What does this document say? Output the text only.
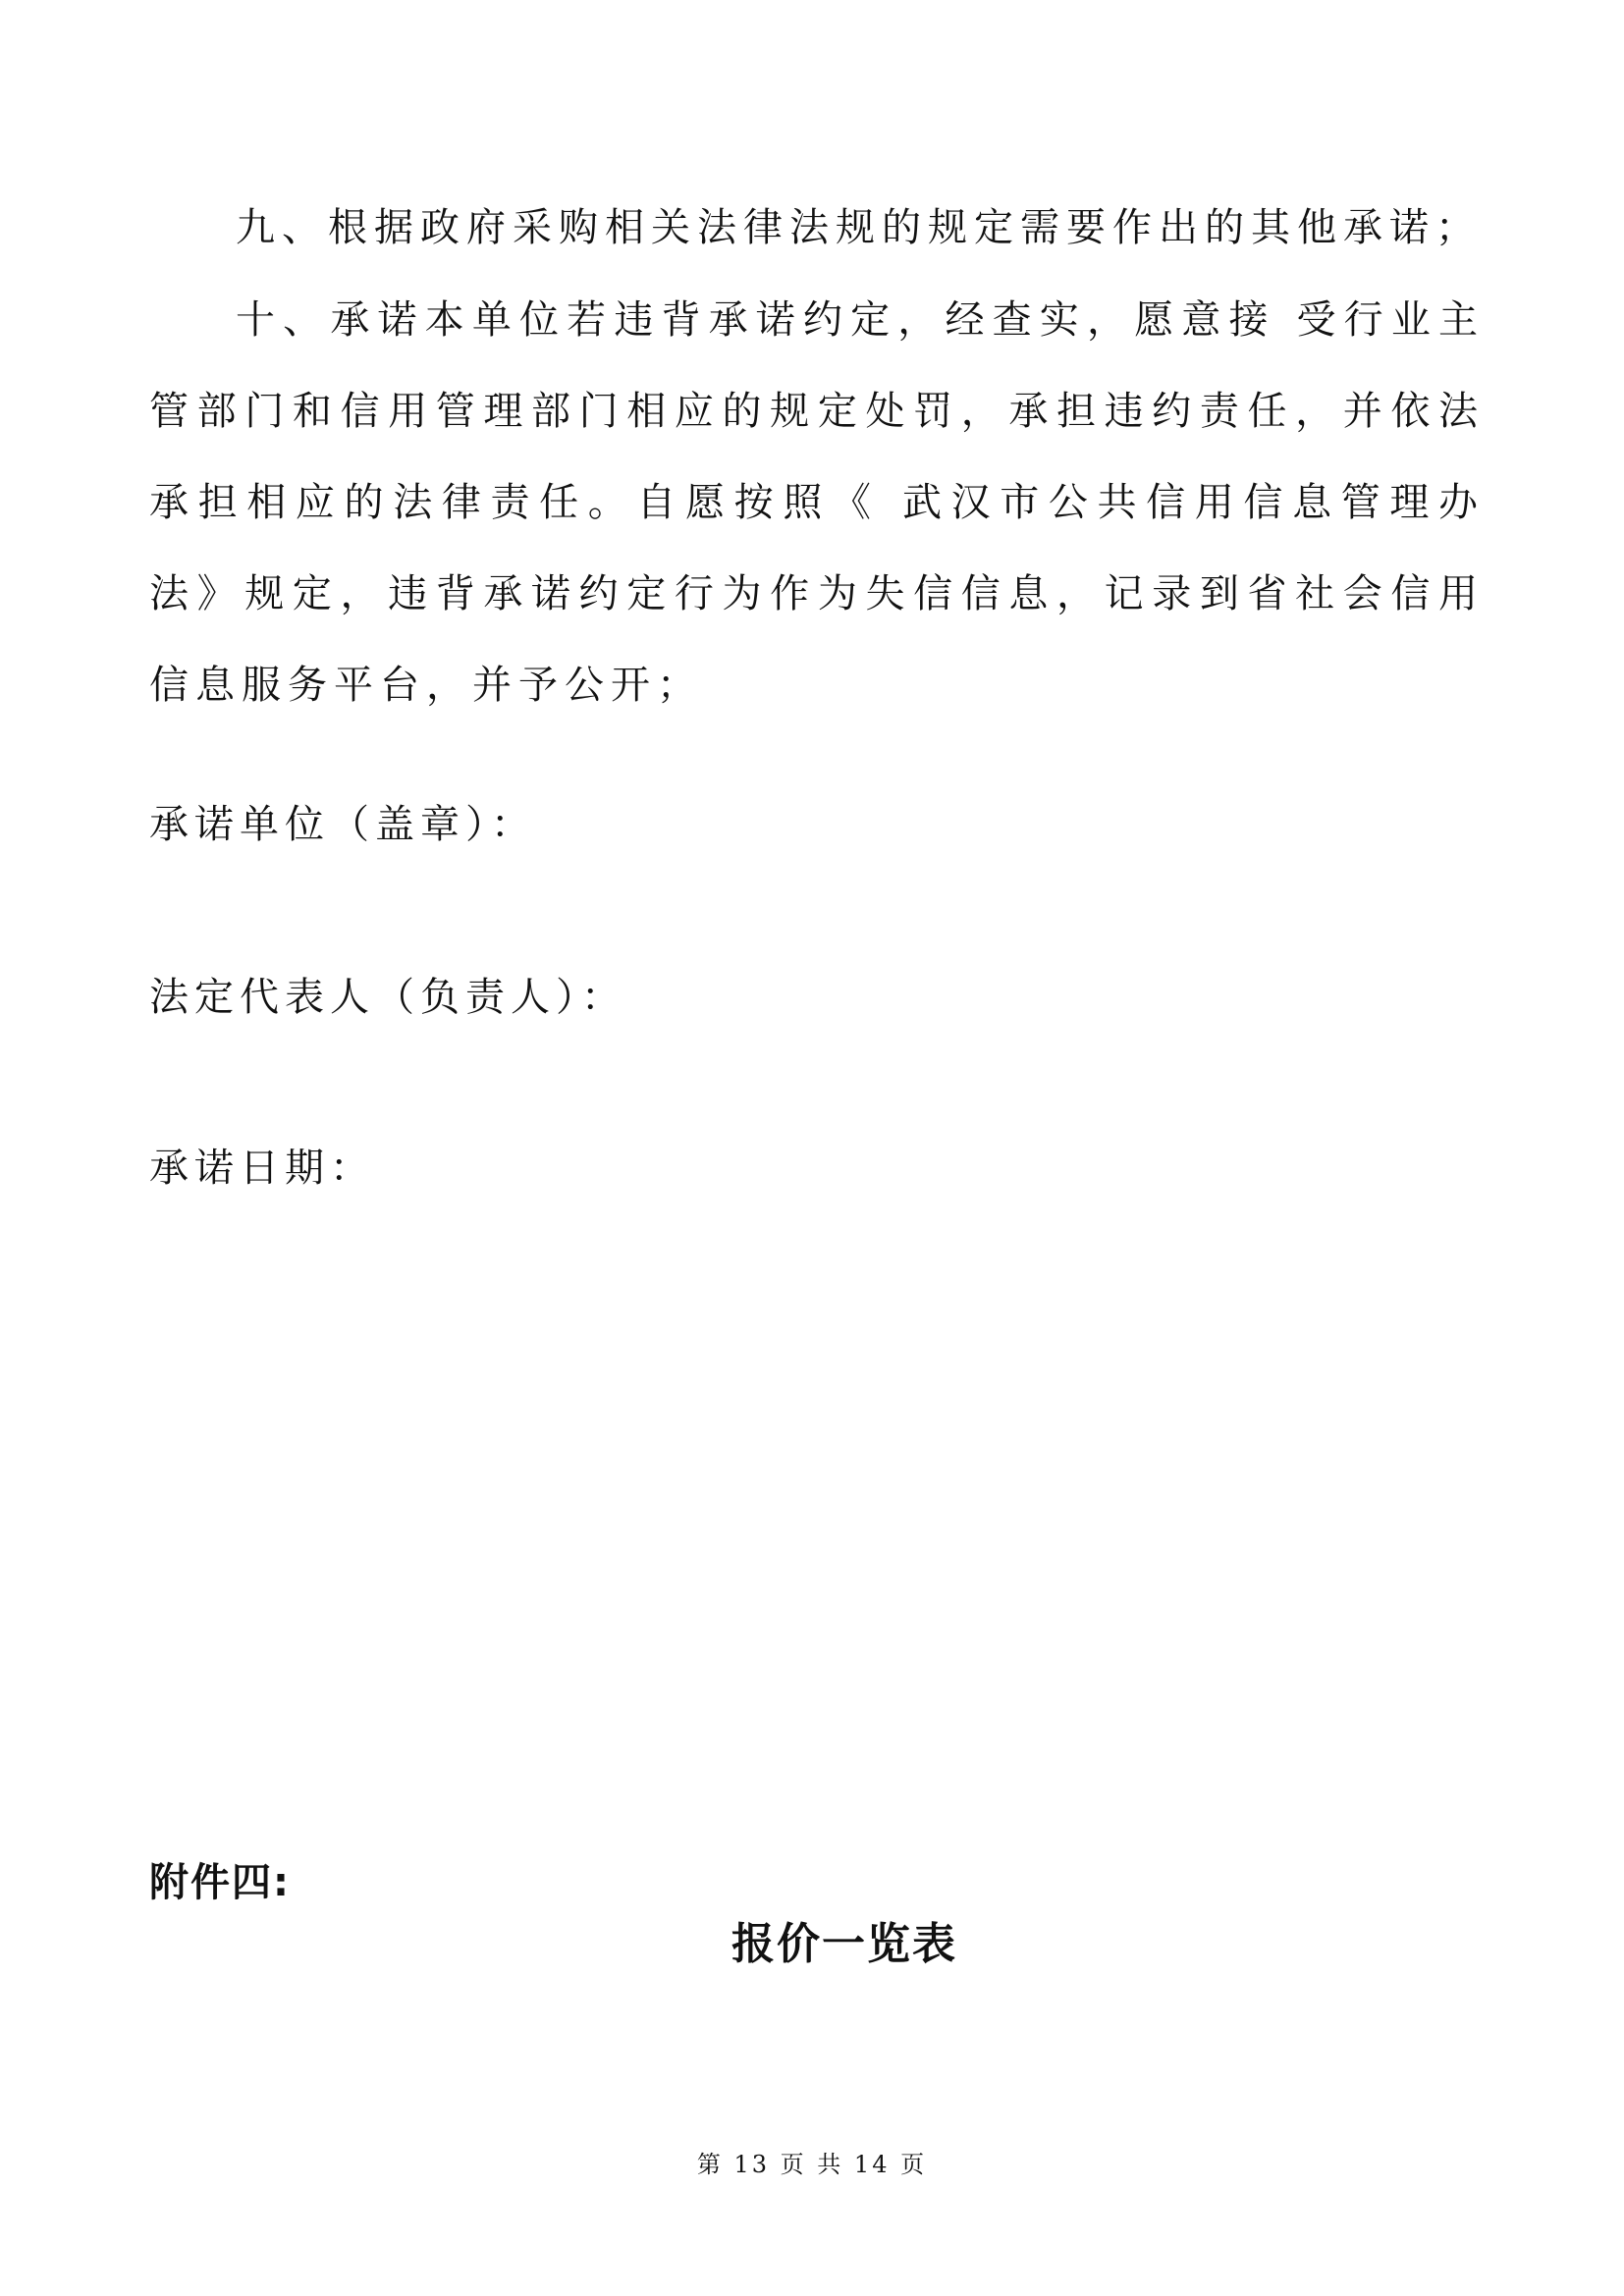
九、根据政府采购相关法律法规的规定需要作出的其他承诺；

十、承诺本单位若违背承诺约定，经查实，愿意接 受行业主管部门和信用管理部门相应的规定处罚，承担违约责任，并依法承担相应的法律责任。自愿按照《 武汉市公共信用信息管理办法》规定，违背承诺约定行为作为失信信息，记录到省社会信用信息服务平台，并予公开；

承诺单位（盖章）：

法定代表人（负责人）：

承诺日期：

附件四:

报价一览表
第 13 页 共 14 页
